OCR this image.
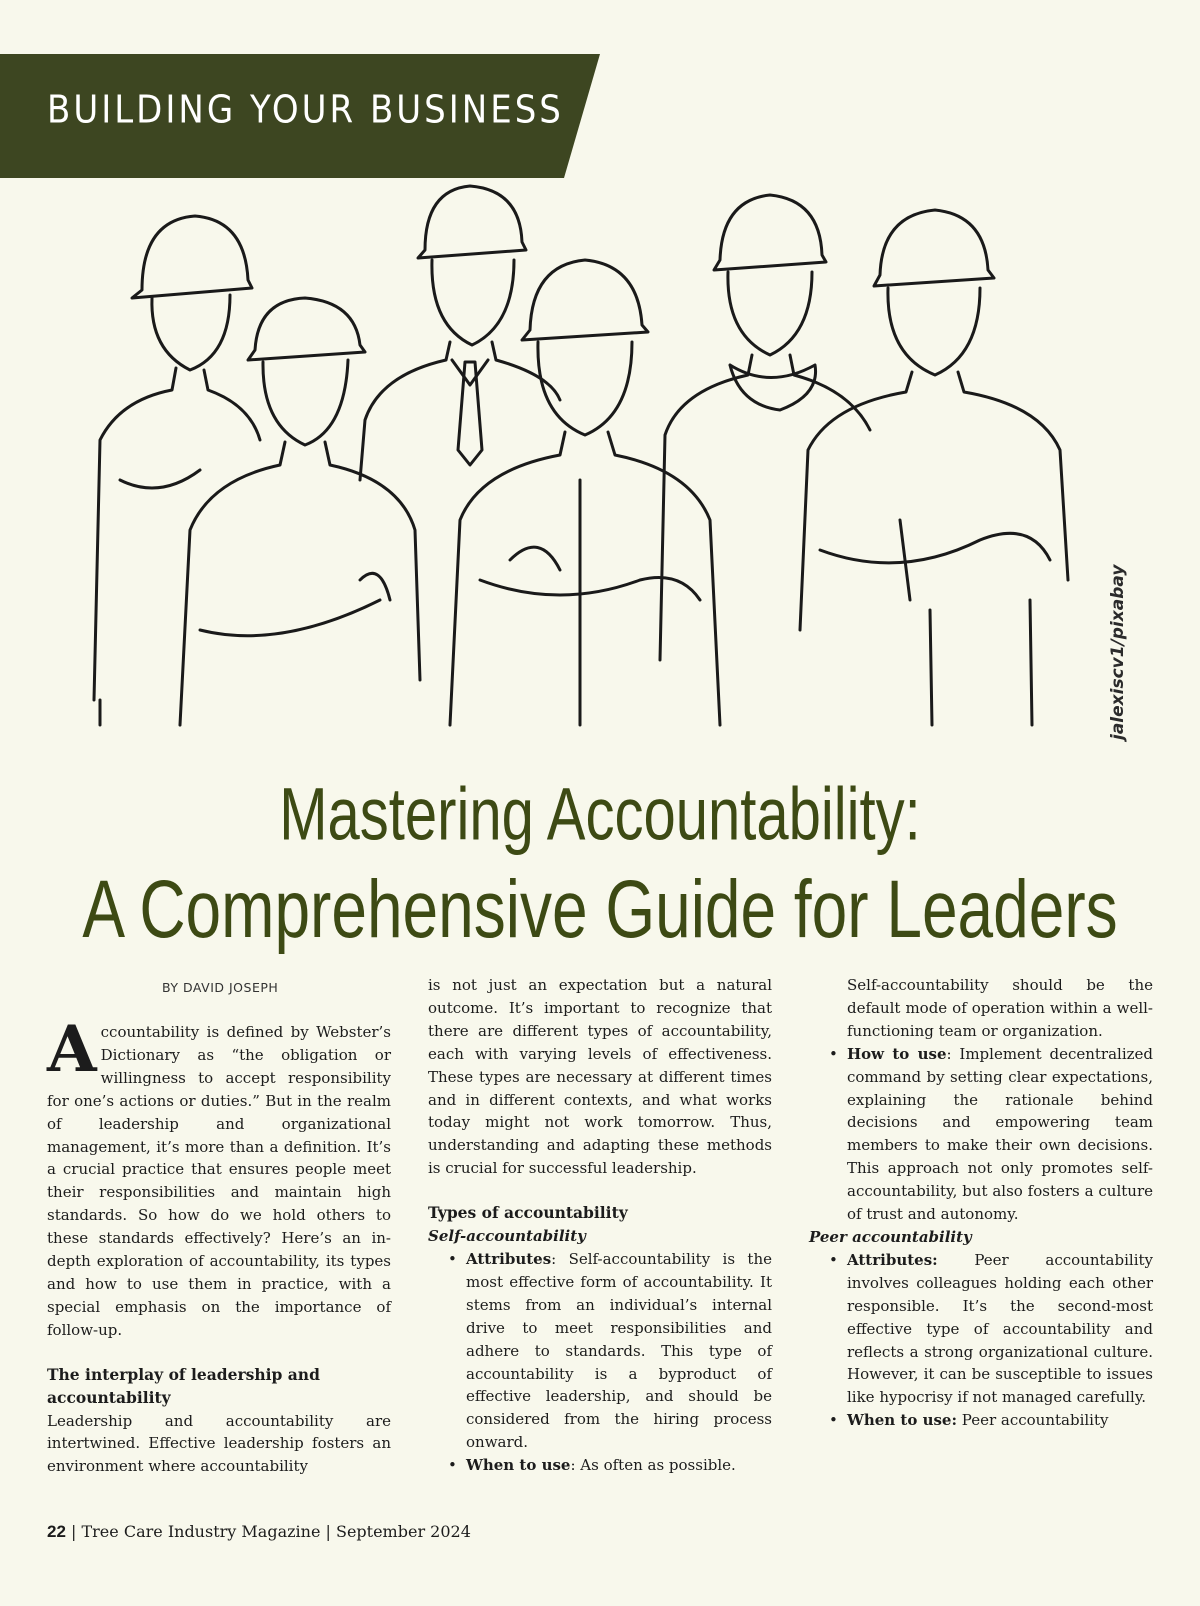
BUILDING YOUR BUSINESS

jalexiscv1/pixabay

Mastering Accountability:
A Comprehensive Guide for Leaders

BY DAVID JOSEPH

Accountability is defined by Webster’s Dictionary as “the obligation or willingness to accept responsibility for one’s actions or duties.” But in the realm of leadership and organizational management, it’s more than a definition. It’s a crucial practice that ensures people meet their responsibilities and maintain high standards. So how do we hold others to these standards effectively? Here’s an in-depth exploration of accountability, its types and how to use them in practice, with a special emphasis on the importance of follow-up.

The interplay of leadership and accountability

Leadership and accountability are intertwined. Effective leadership fosters an environment where accountability

is not just an expectation but a natural outcome. It’s important to recognize that there are different types of accountability, each with varying levels of effectiveness. These types are necessary at different times and in different contexts, and what works today might not work tomorrow. Thus, understanding and adapting these methods is crucial for successful leadership.

Types of accountability
Self-accountability
• Attributes: Self-accountability is the most effective form of accountability. It stems from an individual’s internal drive to meet responsibilities and adhere to standards. This type of accountability is a byproduct of effective leadership, and should be considered from the hiring process onward.
• When to use: As often as possible.

Self-accountability should be the default mode of operation within a well-functioning team or organization.

• How to use: Implement decentralized command by setting clear expectations, explaining the rationale behind decisions and empowering team members to make their own decisions. This approach not only promotes self-accountability, but also fosters a culture of trust and autonomy.
Peer accountability
• Attributes: Peer accountability involves colleagues holding each other responsible. It’s the second-most effective type of accountability and reflects a strong organizational culture. However, it can be susceptible to issues like hypocrisy if not managed carefully.
• When to use: Peer accountability

22 | Tree Care Industry Magazine | September 2024
